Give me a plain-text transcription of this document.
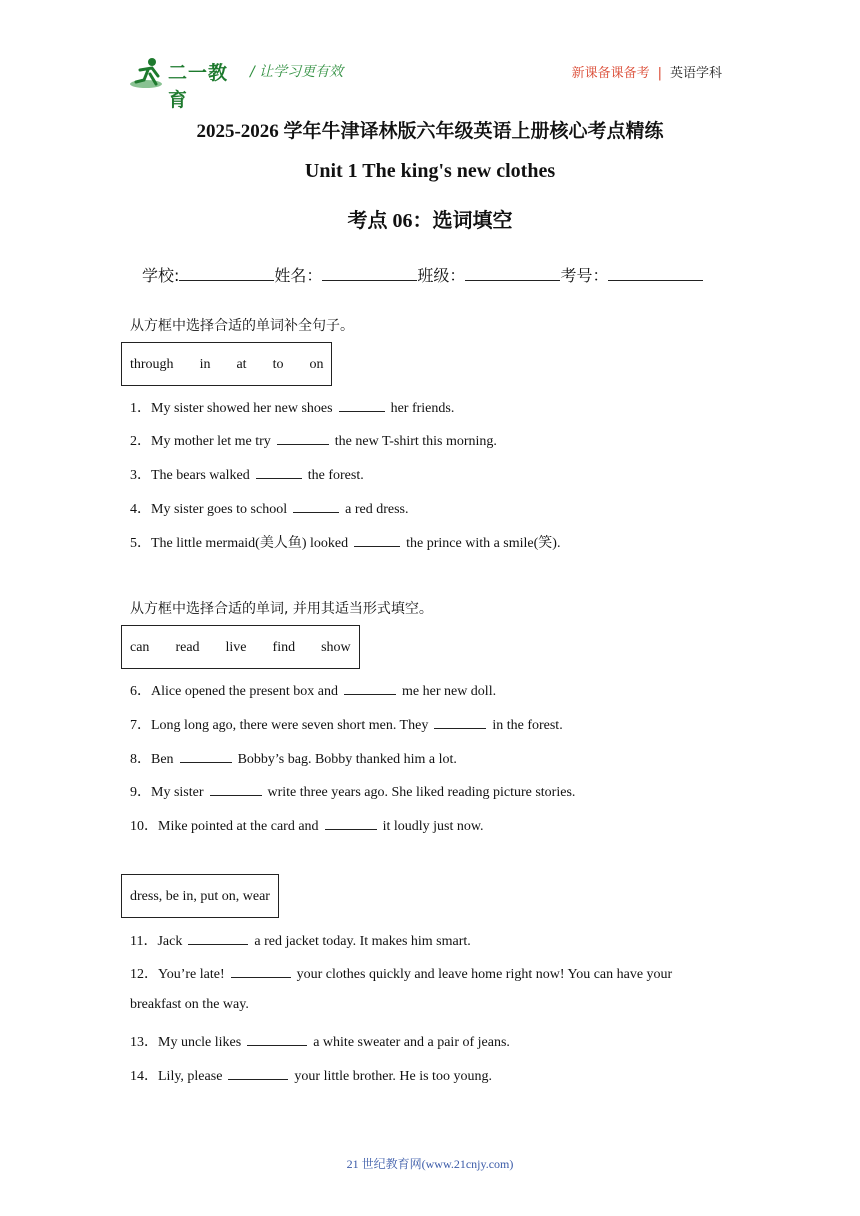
二一教育
/ 让学习更有效	新课备课备考 | 英语学科
2025-2026 学年牛津译林版六年级英语上册核心考点精练
Unit 1 The king's new clothes
考点 06：选词填空
学校:	姓名：	班级：	考号：
从方框中选择合适的单词补全句子。
through in at to on
1．My sister showed her new shoes	her friends.
2．My mother let me try	the new T-shirt this morning.
3．The bears walked	the forest.
4．My sister goes to school	a red dress.
5．The little mermaid(美人鱼) looked	the prince with a smile(笑).
从方框中选择合适的单词, 并用其适当形式填空。
can read live find show
6．Alice opened the present box and	me her new doll.
7．Long long ago, there were seven short men. They	in the forest.
8．Ben	Bobby’s bag. Bobby thanked him a lot.
9．My sister	write three years ago. She liked reading picture stories.
10．Mike pointed at the card and	it loudly just now.
dress, be in, put on, wear
11．Jack	a red jacket today. It makes him smart.
12．You’re late!	your clothes quickly and leave home right now! You can have your
breakfast on the way.
13．My uncle likes	a white sweater and a pair of jeans.
14．Lily, please	your little brother. He is too young.
21 世纪教育网(www.21cnjy.com)
